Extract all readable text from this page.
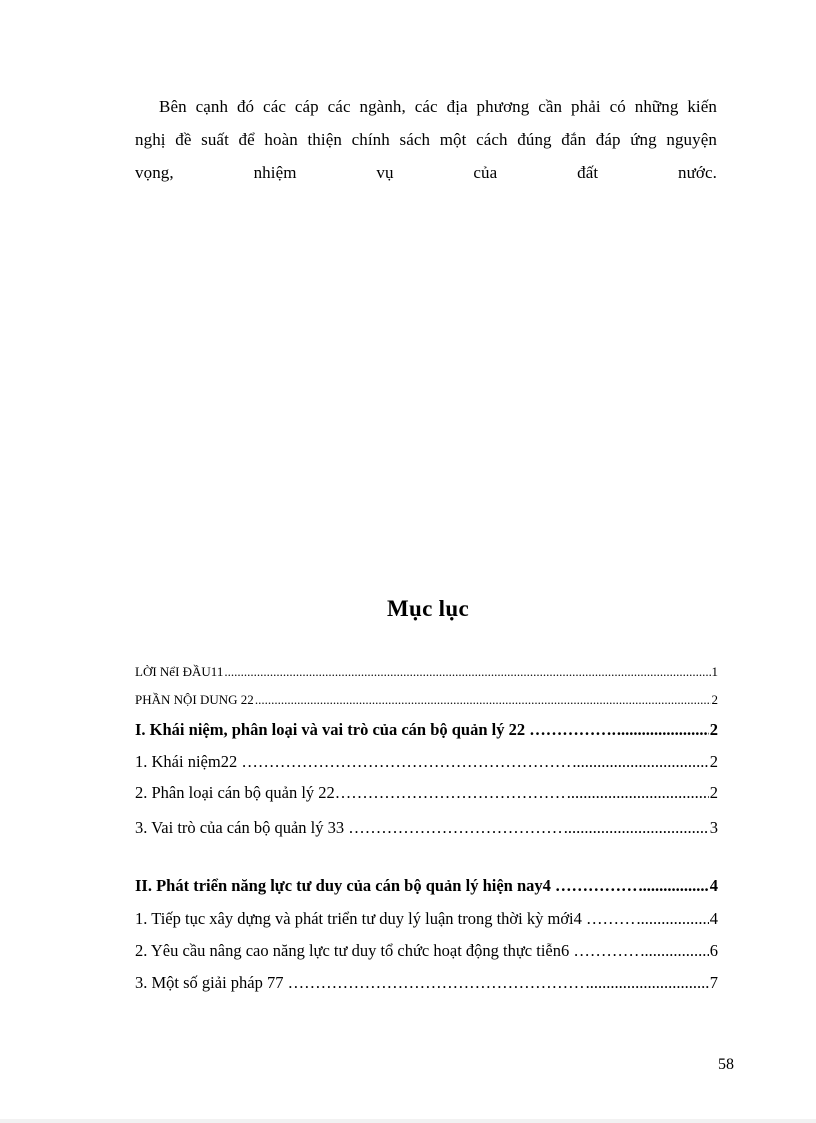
Bên cạnh đó các cáp các ngành, các địa phương cần phải có những kiến
nghị đề suất để hoàn thiện chính sách một cách đúng đắn đáp ứng nguyện
vọng, nhiệm vụ của đất nước.
Mục lục
LỜI NểI ĐẦU11 .....	1
PHẦN NỘI DUNG 22 .....	2
I. Khái niệm, phân loại và vai trò của cán bộ quản lý 22 ……………. .....	2
1. Khái niệm22 …………………………………………………… .....	2
2. Phân loại cán bộ quản lý 22…………………………………… .....	2
3. Vai trò của cán bộ quản lý 33 ………………………………… .....	3
II. Phát triển năng lực tư duy của cán bộ quản lý hiện nay4 …………… .....	4
1. Tiếp tục xây dựng và phát triển tư duy lý luận trong thời kỳ mới4 ……… .....	4
2. Yêu cầu nâng cao năng lực tư duy tổ chức hoạt động thực tiễn6 ………… .....	6
3. Một số giải pháp 77 ……………………………………………… .....	7
58
